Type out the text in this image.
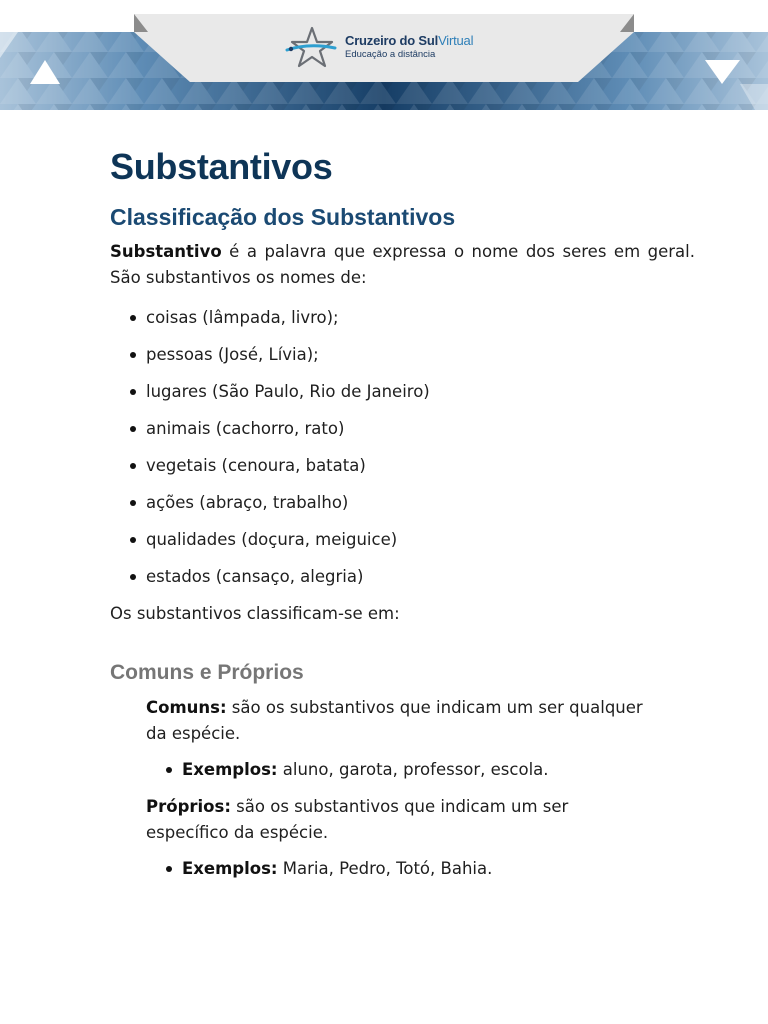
Cruzeiro do SulVirtual
Educação a distância
Substantivos
Classificação dos Substantivos

Substantivo é a palavra que expressa o nome dos seres em geral. São substantivos os nomes de:

coisas (lâmpada, livro);
pessoas (José, Lívia);
lugares (São Paulo, Rio de Janeiro)
animais (cachorro, rato)
vegetais (cenoura, batata)
ações (abraço, trabalho)
qualidades (doçura, meiguice)
estados (cansaço, alegria)

Os substantivos classificam-se em:

Comuns e Próprios

Comuns: são os substantivos que indicam um ser qualquer da espécie.

Exemplos: aluno, garota, professor, escola.

Próprios: são os substantivos que indicam um ser específico da espécie.

Exemplos: Maria, Pedro, Totó, Bahia.
